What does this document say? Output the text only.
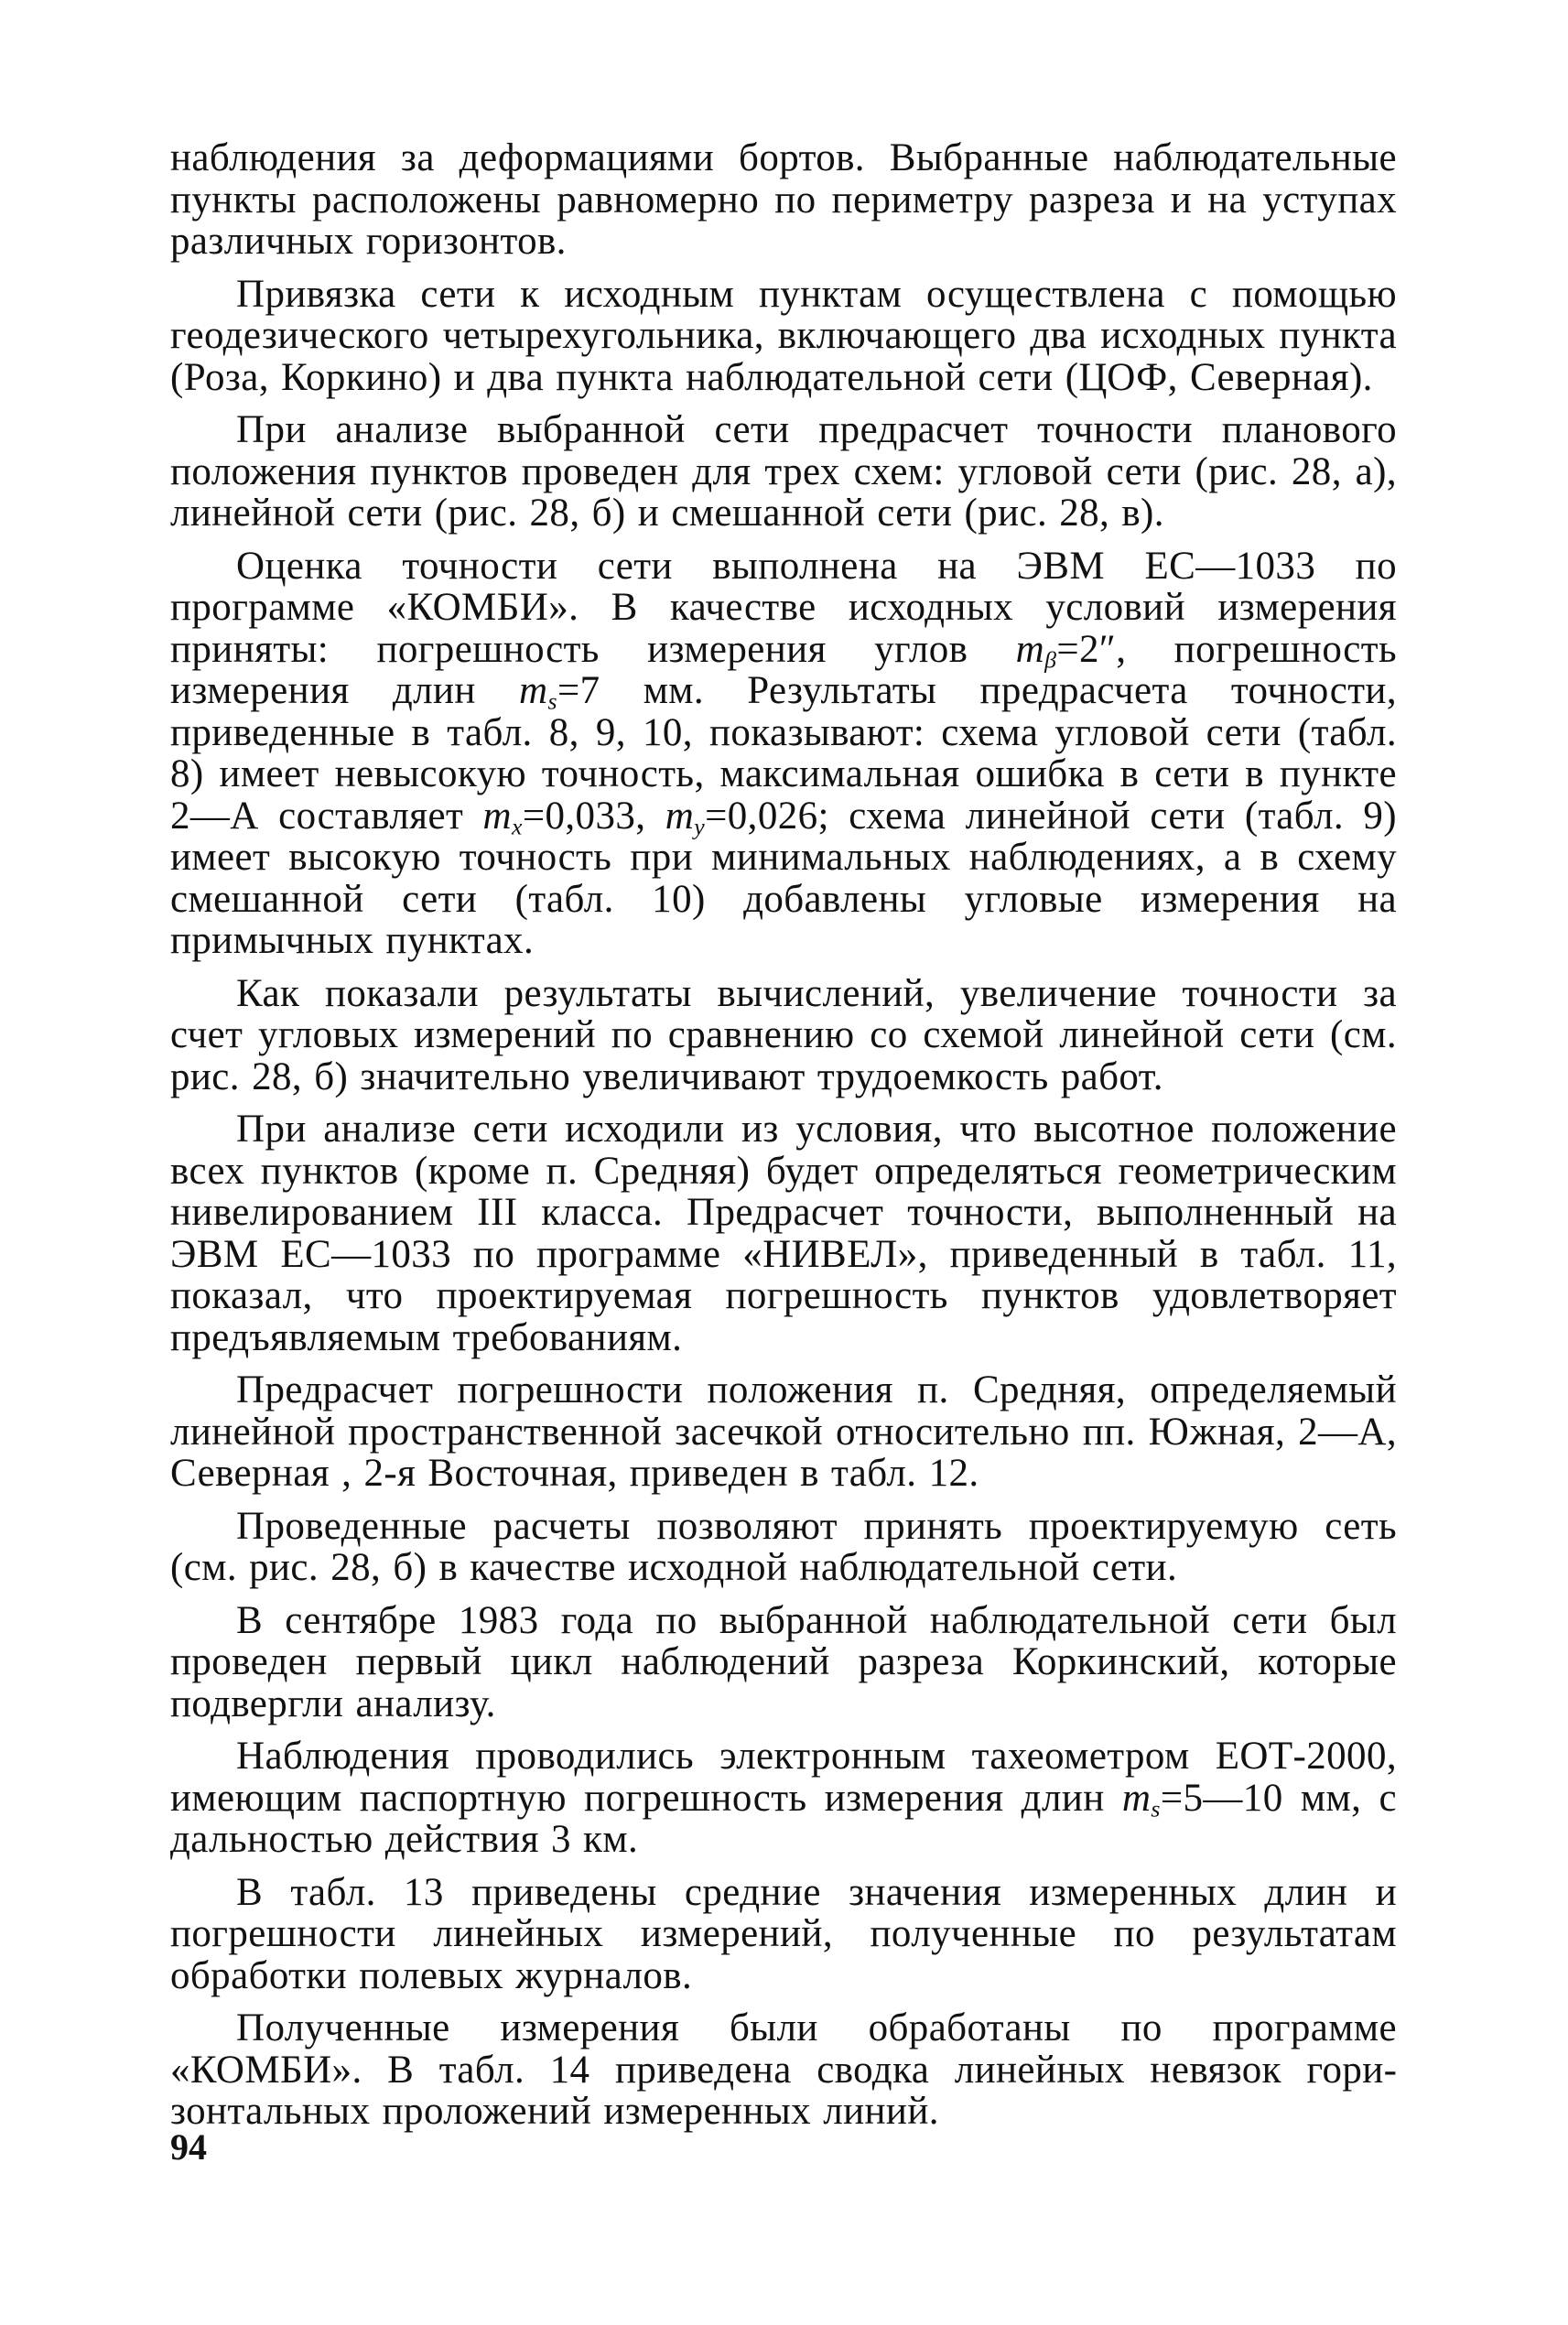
наблюдения за деформациями бортов. Выбранные наблюдательные пункты расположены равномерно по периметру разреза и на уступах различных горизонтов.

Привязка сети к исходным пунктам осуществлена с помощью геодезического четырехугольника, включающего два исходных пункта (Роза, Коркино) и два пункта наблюдательной сети (ЦОФ, Северная).

При анализе выбранной сети предрасчет точности планового положения пунктов проведен для трех схем: угловой сети (рис. 28, а), линейной сети (рис. 28, б) и смешанной сети (рис. 28, в).

Оценка точности сети выполнена на ЭВМ ЕС—1033 по программе «КОМБИ». В качестве исходных условий измерения приняты: погрешность измерения углов $m_\beta=2''$, погрешность измерения длин $m_s=7$ мм. Результаты предрасчета точности, приведенные в табл. 8, 9, 10, показывают: схема угловой сети (табл. 8) имеет невысокую точность, максимальная ошибка в сети в пункте 2—А составляет $m_x=0,033$, $m_y=0,026$; схема линейной сети (табл. 9) имеет высокую точность при минимальных наблюдениях, а в схему смешанной сети (табл. 10) добавлены угловые измерения на примычных пунктах.

Как показали результаты вычислений, увеличение точности за счет угловых измерений по сравнению со схемой линейной сети (см. рис. 28, б) значительно увеличивают трудоемкость работ.

При анализе сети исходили из условия, что высотное положение всех пунктов (кроме п. Средняя) будет определяться геометрическим нивелированием III класса. Предрасчет точности, выполненный на ЭВМ ЕС—1033 по программе «НИВЕЛ», приведенный в табл. 11, показал, что проектируемая погрешность пунктов удовлетворяет предъявляемым требованиям.

Предрасчет погрешности положения п. Средняя, определяемый линейной пространственной засечкой относительно пп. Южная, 2—А, Северная , 2-я Восточная, приведен в табл. 12.

Проведенные расчеты позволяют принять проектируемую сеть (см. рис. 28, б) в качестве исходной наблюдательной сети.

В сентябре 1983 года по выбранной наблюдательной сети был проведен первый цикл наблюдений разреза Коркинский, которые подвергли анализу.

Наблюдения проводились электронным тахеометром ЕОТ-2000, имеющим паспортную погрешность измерения длин $m_s=5—10$ мм, с дальностью действия 3 км.

В табл. 13 приведены средние значения измеренных длин и погрешности линейных измерений, полученные по результатам обработки полевых журналов.

Полученные измерения были обработаны по программе «КОМБИ». В табл. 14 приведена сводка линейных невязок горизонтальных проложений измеренных линий.

94
